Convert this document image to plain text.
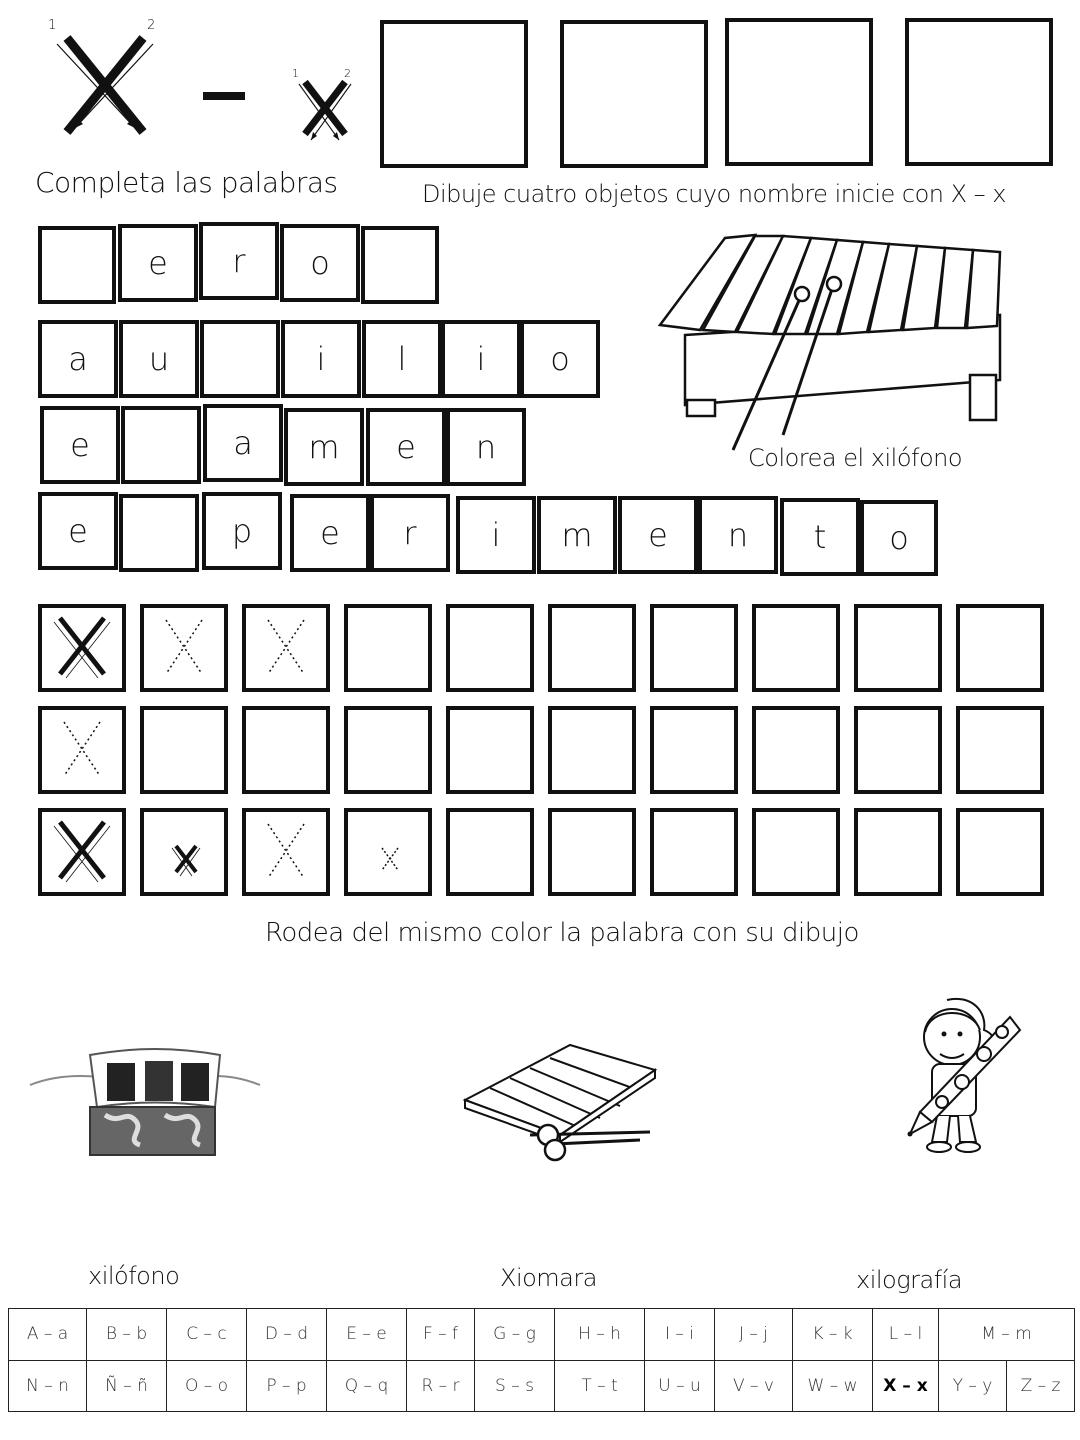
1	2
1	2
Completa las palabras	Dibuje cuatro objetos cuyo nombre inicie con X – x
e	r	o
a	u	i	l	i	o
e	a	m	e	n
e	p	e	r	i	m	e	n	t	o
Colorea el xilófono
Rodea del mismo color la palabra con su dibujo
xilófono	Xiomara	xilografía
A – a	B – b	C – c	D – d	E – e	F – f	G – g	H – h	I – i	J – j	K – k	L – l	M – m	
N – n	Ñ – ñ	O – o	P – p	Q – q	R – r	S – s	T – t	U – u	V – v	W – w	X – x	Y – y	Z – z
